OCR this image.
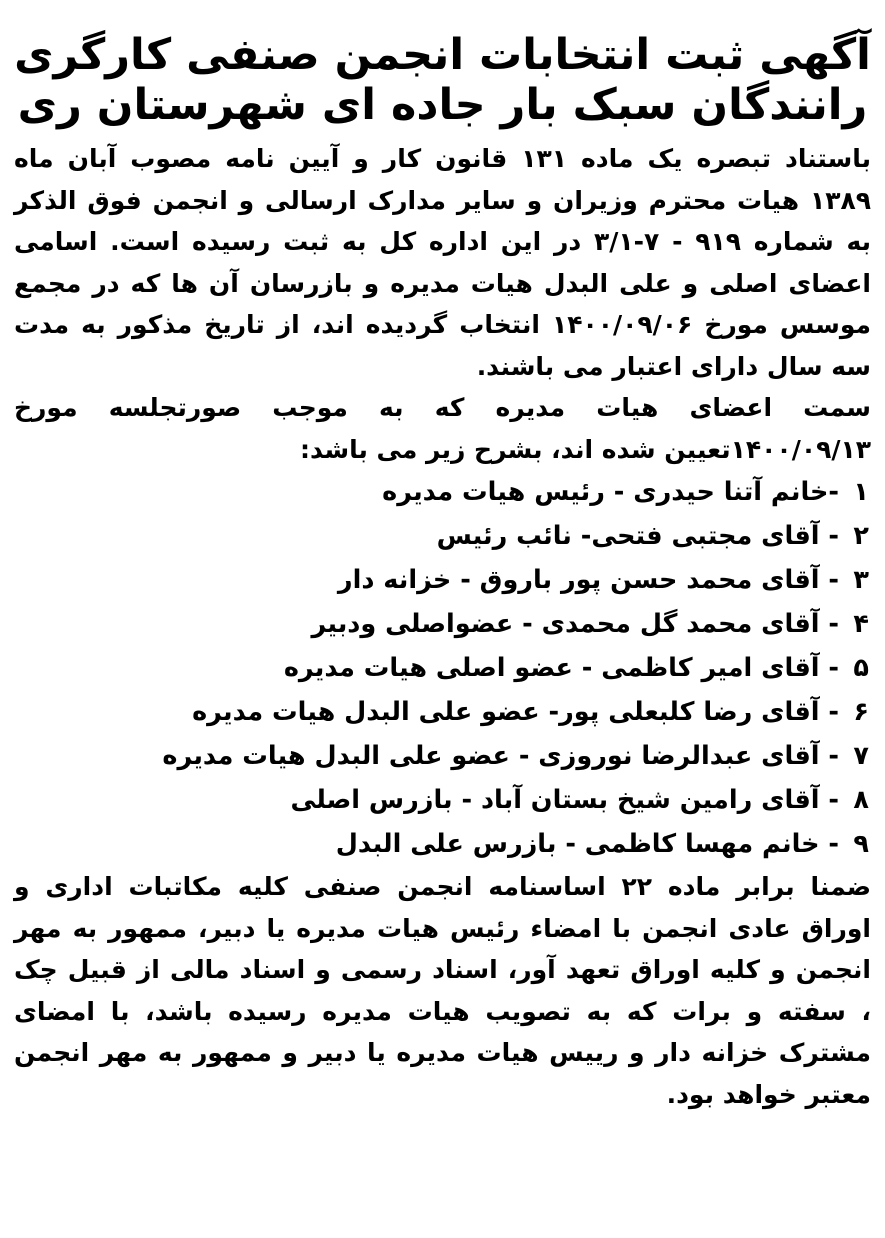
آگهی ثبت انتخابات انجمن صنفی کارگری
رانندگان سبک بار جاده ای شهرستان ری

باستناد تبصره یک ماده ۱۳۱ قانون کار و آیین نامه مصوب آبان ماه ۱۳۸۹ هیات محترم وزیران و سایر مدارک ارسالی و انجمن فوق الذکر به شماره ۹۱۹ - ۷-۳/۱ در این اداره کل به ثبت رسیده است. اسامی اعضای اصلی و علی البدل هیات مدیره و بازرسان آن ها که در مجمع موسس مورخ ۱۴۰۰/۰۹/۰۶ انتخاب گردیده اند، از تاریخ مذکور به مدت سه سال دارای اعتبار می باشند.

سمت اعضای هیات مدیره که به موجب صورتجلسه مورخ ۱۴۰۰/۰۹/۱۳تعیین شده اند، بشرح زیر می باشد:

۱-خانم آتنا حیدری - رئیس هیات مدیره
۲- آقای مجتبی فتحی- نائب رئیس
۳- آقای محمد حسن پور باروق - خزانه دار
۴- آقای محمد گل محمدی - عضواصلی ودبیر
۵- آقای امیر کاظمی - عضو اصلی هیات مدیره
۶- آقای رضا کلبعلی پور- عضو علی البدل هیات مدیره
۷- آقای عبدالرضا نوروزی - عضو علی البدل هیات مدیره
۸- آقای رامین شیخ بستان آباد - بازرس اصلی
۹- خانم مهسا کاظمی - بازرس علی البدل

ضمنا برابر ماده ۲۲ اساسنامه انجمن صنفی کلیه مکاتبات اداری و اوراق عادی انجمن با امضاء رئیس هیات مدیره یا دبیر، ممهور به مهر انجمن و کلیه اوراق تعهد آور، اسناد رسمی و اسناد مالی از قبیل چک ، سفته و برات که به تصویب هیات مدیره رسیده باشد، با امضای مشترک خزانه دار و رییس هیات مدیره یا دبیر و ممهور به مهر انجمن معتبر خواهد بود.
